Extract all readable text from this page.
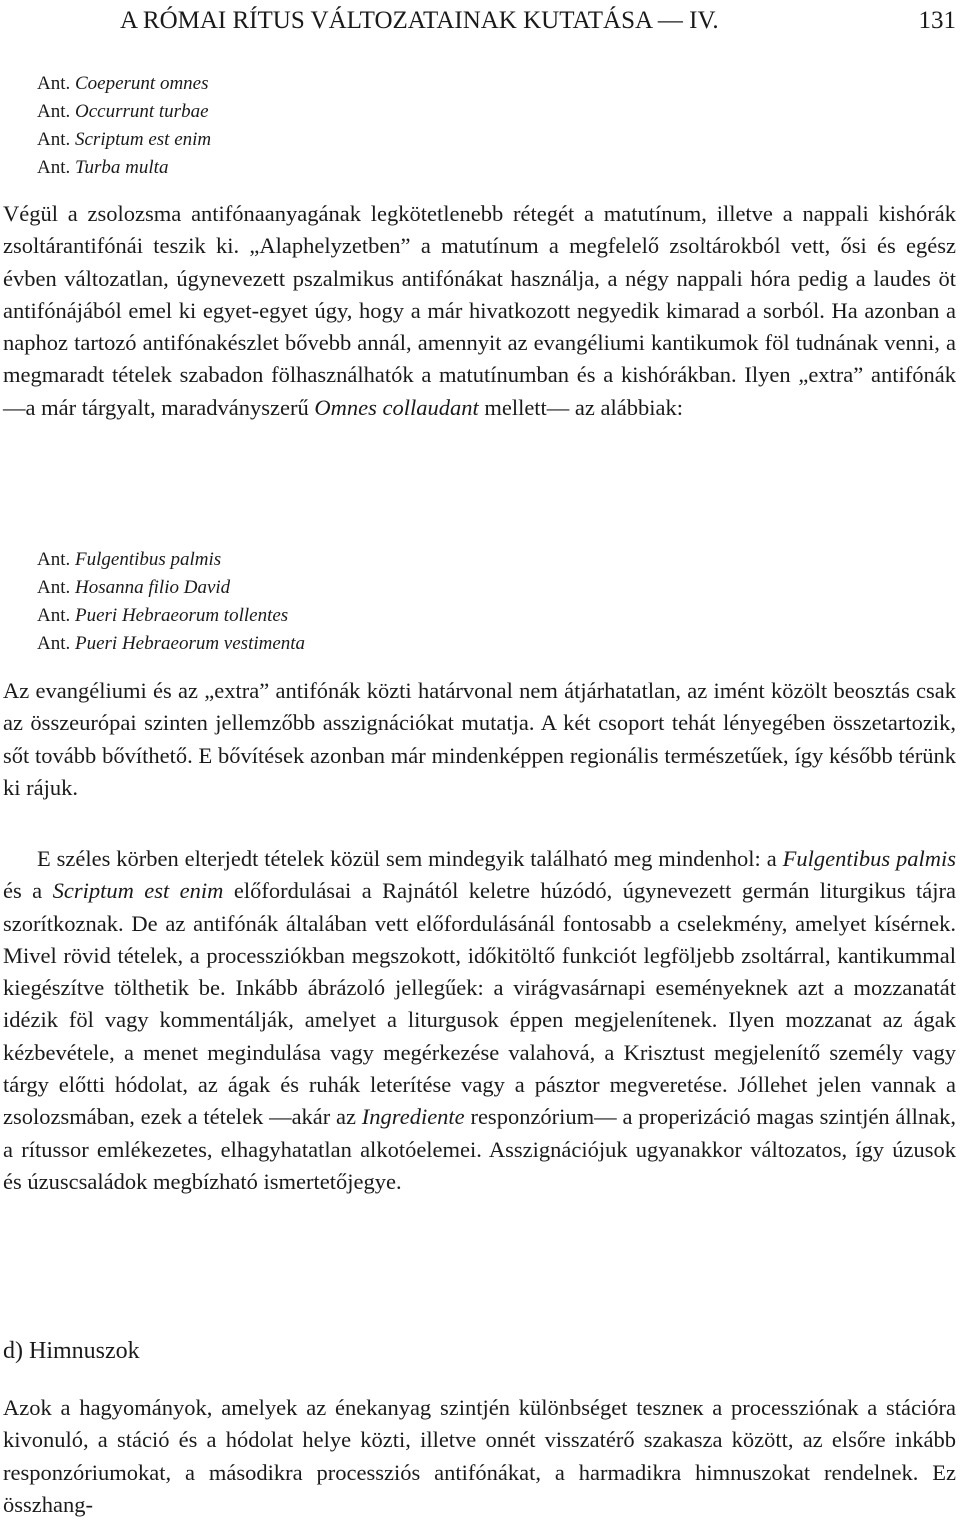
A RÓMAI RÍTUS VÁLTOZATAINAK KUTATÁSA — IV.	131
Ant. Coeperunt omnes
Ant. Occurrunt turbae
Ant. Scriptum est enim
Ant. Turba multa

Végül a zsolozsma antifónaanyagának legkötetlenebb rétegét a matutínum, illetve a nappali kishórák zsoltárantifónái teszik ki. „Alaphelyzetben” a matutínum a megfelelő zsoltárokból vett, ősi és egész évben változatlan, úgynevezett pszalmikus antifónákat használja, a négy nappali hóra pedig a laudes öt antifónájából emel ki egyet-egyet úgy, hogy a már hivatkozott negyedik kimarad a sorból. Ha azonban a naphoz tartozó antifónakészlet bővebb annál, amennyit az evangéliumi kantikumok föl tudnának venni, a megmaradt tételek szabadon fölhasználhatók a matutínumban és a kishórákban. Ilyen „extra” antifónák —a már tárgyalt, maradványszerű Omnes collaudant mellett— az alábbiak:

Ant. Fulgentibus palmis
Ant. Hosanna filio David
Ant. Pueri Hebraeorum tollentes
Ant. Pueri Hebraeorum vestimenta

Az evangéliumi és az „extra” antifónák közti határvonal nem átjárhatatlan, az imént közölt beosztás csak az összeurópai szinten jellemzőbb asszignációkat mutatja. A két csoport tehát lényegében összetartozik, sőt tovább bővíthető. E bővítések azonban már mindenképpen regionális természetűek, így később térünk ki rájuk.

E széles körben elterjedt tételek közül sem mindegyik található meg mindenhol: a Fulgentibus palmis és a Scriptum est enim előfordulásai a Rajnától keletre húzódó, úgynevezett germán liturgikus tájra szorítkoznak. De az antifónák általában vett előfordulásánál fontosabb a cselekmény, amelyet kísérnek. Mivel rövid tételek, a processziókban megszokott, időkitöltő funkciót legföljebb zsoltárral, kantikummal kiegészítve tölthetik be. Inkább ábrázoló jellegűek: a virágvasárnapi eseményeknek azt a mozzanatát idézik föl vagy kommentálják, amelyet a liturgusok éppen megjelenítenek. Ilyen mozzanat az ágak kézbevétele, a menet megindulása vagy megérkezése valahová, a Krisztust megjelenítő személy vagy tárgy előtti hódolat, az ágak és ruhák leterítése vagy a pásztor megveretése. Jóllehet jelen vannak a zsolozsmában, ezek a tételek —akár az Ingrediente responzórium— a properizáció magas szintjén állnak, a rítussor emlékezetes, elhagyhatatlan alkotóelemei. Asszignációjuk ugyanakkor változatos, így úzusok és úzuscsaládok megbízható ismertetőjegye.

d) Himnuszok

Azok a hagyományok, amelyek az énekanyag szintjén különbséget teszneк a processziónak a stációra kivonuló, a stáció és a hódolat helye közti, illetve onnét visszatérő szakasza között, az elsőre inkább responzóriumokat, a másodikra processziós antifónákat, a harmadikra himnuszokat rendelnek. Ez összhang-
